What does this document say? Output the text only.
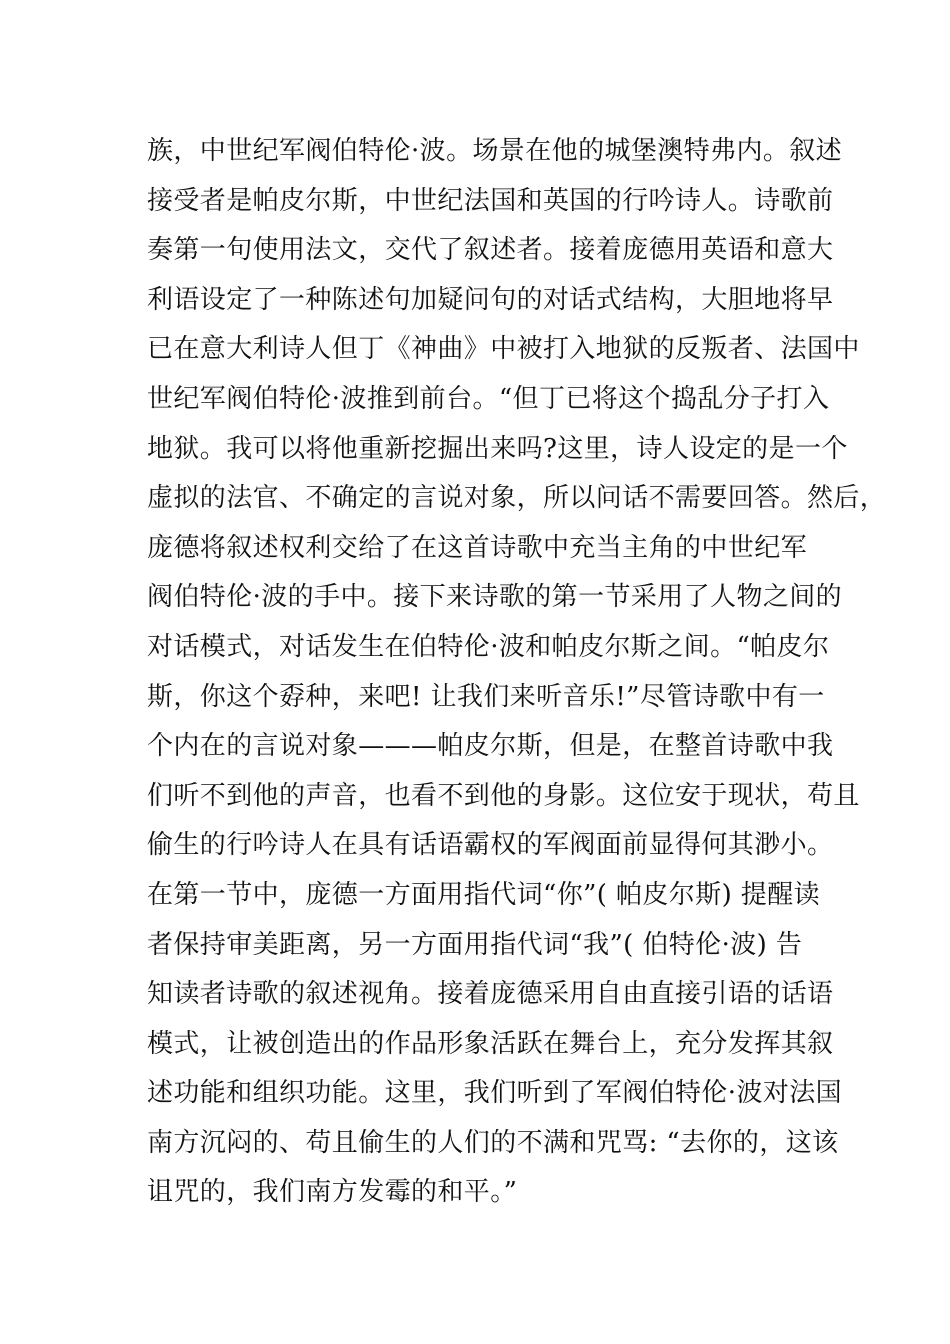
族，中世纪军阀伯特伦·波。场景在他的城堡澳特弗内。叙述
接受者是帕皮尔斯，中世纪法国和英国的行吟诗人。诗歌前
奏第一句使用法文，交代了叙述者。接着庞德用英语和意大
利语设定了一种陈述句加疑问句的对话式结构，大胆地将早
已在意大利诗人但丁《神曲》中被打入地狱的反叛者、法国中
世纪军阀伯特伦·波推到前台。“但丁已将这个捣乱分子打入
地狱。我可以将他重新挖掘出来吗?这里，诗人设定的是一个
虚拟的法官、不确定的言说对象，所以问话不需要回答。然后，
庞德将叙述权利交给了在这首诗歌中充当主角的中世纪军
阀伯特伦·波的手中。接下来诗歌的第一节采用了人物之间的
对话模式，对话发生在伯特伦·波和帕皮尔斯之间。“帕皮尔
斯，你这个孬种，来吧! 让我们来听音乐!”尽管诗歌中有一
个内在的言说对象———帕皮尔斯，但是，在整首诗歌中我
们听不到他的声音，也看不到他的身影。这位安于现状，苟且
偷生的行吟诗人在具有话语霸权的军阀面前显得何其渺小。
在第一节中，庞德一方面用指代词“你”( 帕皮尔斯) 提醒读
者保持审美距离，另一方面用指代词“我”( 伯特伦·波) 告
知读者诗歌的叙述视角。接着庞德采用自由直接引语的话语
模式，让被创造出的作品形象活跃在舞台上，充分发挥其叙
述功能和组织功能。这里，我们听到了军阀伯特伦·波对法国
南方沉闷的、苟且偷生的人们的不满和咒骂: “去你的，这该
诅咒的，我们南方发霉的和平。”
